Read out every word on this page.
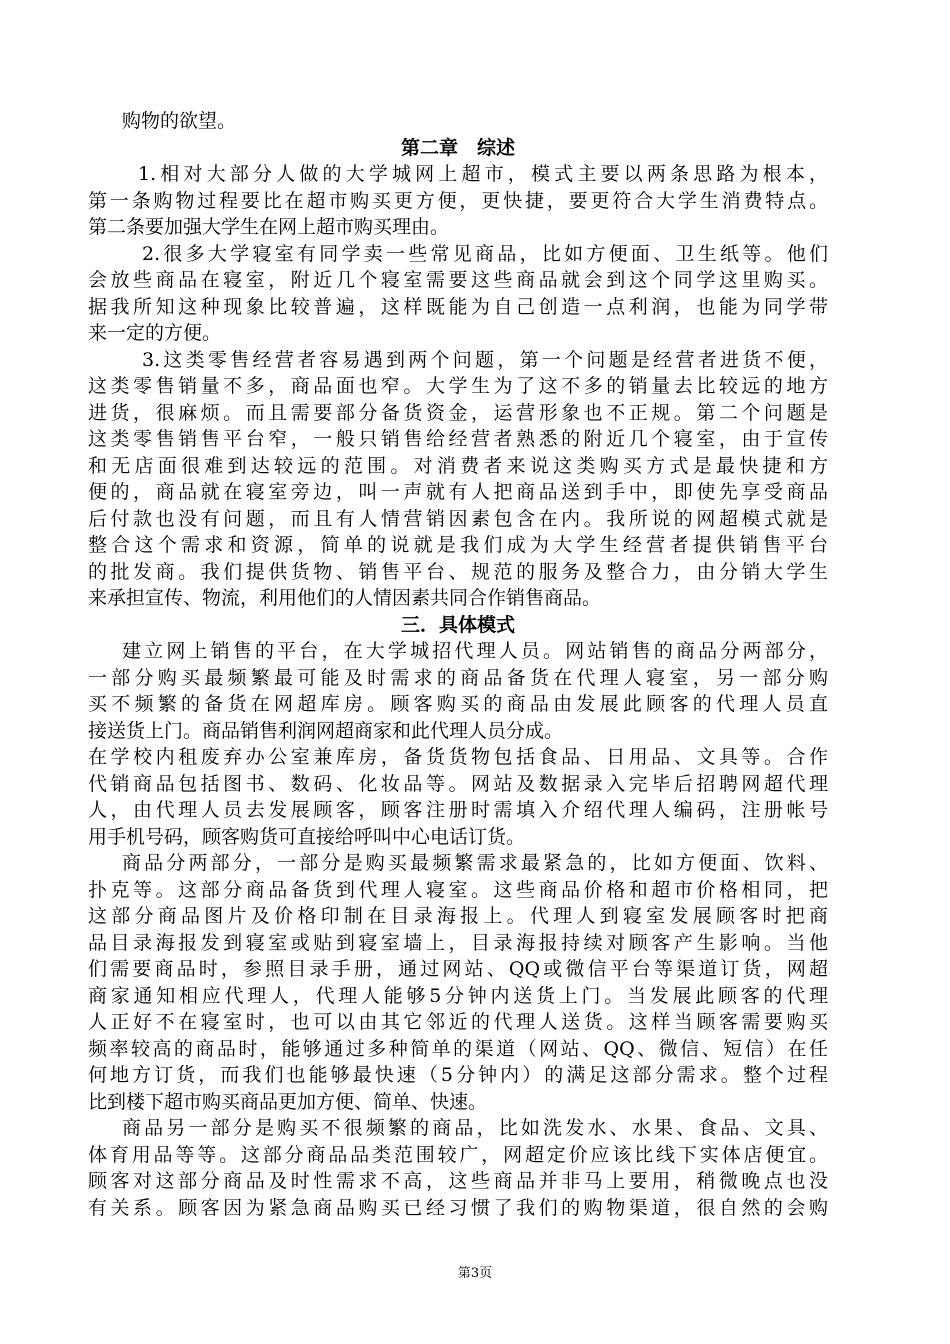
购物的欲望。
第二章　综述
1.相对大部分人做的大学城网上超市，模式主要以两条思路为根本，
第一条购物过程要比在超市购买更方便，更快捷，要更符合大学生消费特点。
第二条要加强大学生在网上超市购买理由。
2.很多大学寝室有同学卖一些常见商品，比如方便面、卫生纸等。他们
会放些商品在寝室，附近几个寝室需要这些商品就会到这个同学这里购买。
据我所知这种现象比较普遍，这样既能为自己创造一点利润，也能为同学带
来一定的方便。
3.这类零售经营者容易遇到两个问题，第一个问题是经营者进货不便，
这类零售销量不多，商品面也窄。大学生为了这不多的销量去比较远的地方
进货，很麻烦。而且需要部分备货资金，运营形象也不正规。第二个问题是
这类零售销售平台窄，一般只销售给经营者熟悉的附近几个寝室，由于宣传
和无店面很难到达较远的范围。对消费者来说这类购买方式是最快捷和方
便的，商品就在寝室旁边，叫一声就有人把商品送到手中，即使先享受商品
后付款也没有问题，而且有人情营销因素包含在内。我所说的网超模式就是
整合这个需求和资源，简单的说就是我们成为大学生经营者提供销售平台
的批发商。我们提供货物、销售平台、规范的服务及整合力，由分销大学生
来承担宣传、物流，利用他们的人情因素共同合作销售商品。
三．具体模式
建立网上销售的平台，在大学城招代理人员。网站销售的商品分两部分，
一部分购买最频繁最可能及时需求的商品备货在代理人寝室，另一部分购
买不频繁的备货在网超库房。顾客购买的商品由发展此顾客的代理人员直
接送货上门。商品销售利润网超商家和此代理人员分成。
在学校内租废弃办公室兼库房，备货货物包括食品、日用品、文具等。合作
代销商品包括图书、数码、化妆品等。网站及数据录入完毕后招聘网超代理
人，由代理人员去发展顾客，顾客注册时需填入介绍代理人编码，注册帐号
用手机号码，顾客购货可直接给呼叫中心电话订货。
商品分两部分，一部分是购买最频繁需求最紧急的，比如方便面、饮料、
扑克等。这部分商品备货到代理人寝室。这些商品价格和超市价格相同，把
这部分商品图片及价格印制在目录海报上。代理人到寝室发展顾客时把商
品目录海报发到寝室或贴到寝室墙上，目录海报持续对顾客产生影响。当他
们需要商品时，参照目录手册，通过网站、QQ或微信平台等渠道订货，网超
商家通知相应代理人，代理人能够5分钟内送货上门。当发展此顾客的代理
人正好不在寝室时，也可以由其它邻近的代理人送货。这样当顾客需要购买
频率较高的商品时，能够通过多种简单的渠道（网站、QQ、微信、短信）在任
何地方订货，而我们也能够最快速（5分钟内）的满足这部分需求。整个过程
比到楼下超市购买商品更加方便、简单、快速。
商品另一部分是购买不很频繁的商品，比如洗发水、水果、食品、文具、
体育用品等等。这部分商品品类范围较广，网超定价应该比线下实体店便宜。
顾客对这部分商品及时性需求不高，这些商品并非马上要用，稍微晚点也没
有关系。顾客因为紧急商品购买已经习惯了我们的购物渠道，很自然的会购
第3页
